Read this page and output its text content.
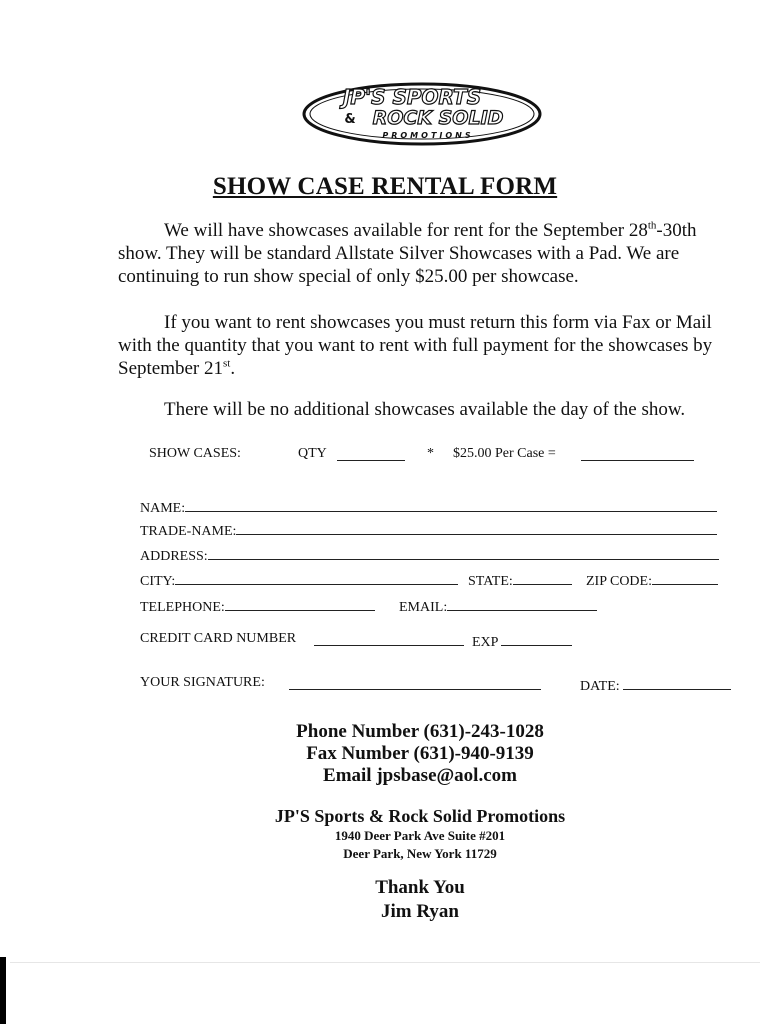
JP'S SPORTS
& ROCK SOLID
PROMOTIONS
SHOW CASE RENTAL FORM
We will have showcases available for rent for the September 28th-30th show. They will be standard Allstate Silver Showcases with a Pad. We are continuing to run show special of only $25.00 per showcase.
If you want to rent showcases you must return this form via Fax or Mail with the quantity that you want to rent with full payment for the showcases by September 21st.
There will be no additional showcases available the day of the show.
SHOW CASES:	QTY	* $25.00 Per Case =
NAME:
TRADE-NAME:
ADDRESS:
CITY:	STATE:	ZIP CODE:
TELEPHONE:	EMAIL:
CREDIT CARD NUMBER	EXP
YOUR SIGNATURE:	DATE:
Phone Number (631)-243-1028
Fax Number (631)-940-9139
Email jpsbase@aol.com
JP'S Sports & Rock Solid Promotions
1940 Deer Park Ave Suite #201
Deer Park, New York 11729
Thank You
Jim Ryan
